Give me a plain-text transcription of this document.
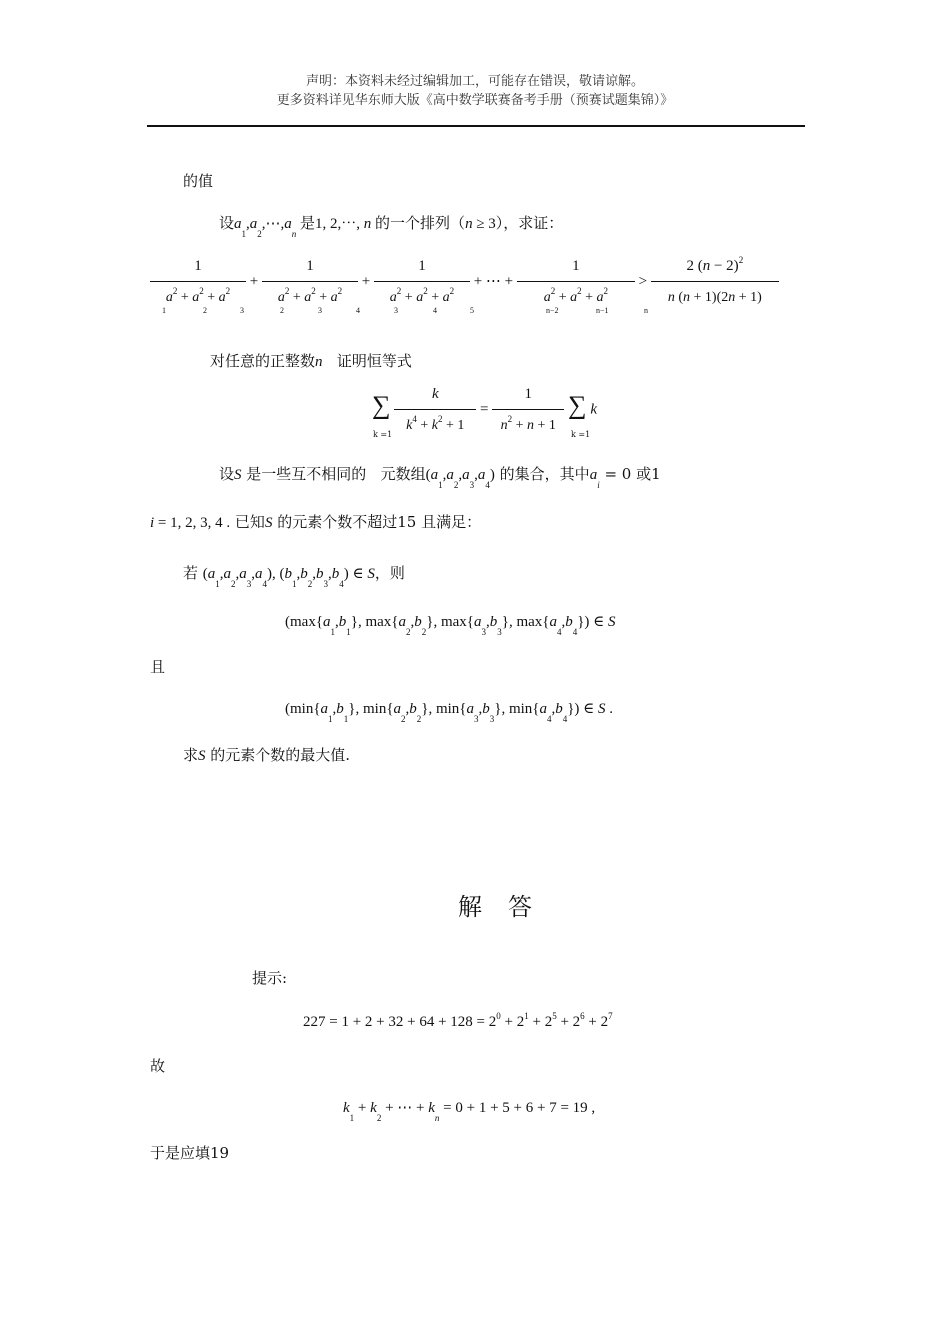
声明：本资料未经过编辑加工，可能存在错误，敬请谅解。
更多资料详见华东师大版《高中数学联赛备考手册（预赛试题集锦）》
的值
设$a_1,a_2,\cdots,a_n$ 是1, 2,⋯, n 的一个排列（n ≥ 3），求证：
$\frac{1}{a^2 + a^2 + a^2} + \frac{1}{a^2 + a^2 + a^2} + \frac{1}{a^2 + a^2 + a^2}$ + ⋯ + $\frac{1}{a^2 + a^2 + a^2} > \frac{2 (n - 2)^2}{n (n + 1)(2n + 1)}$
1	2	3	2	3	4	3	4	5	n−2	n−1	n
对任意的正整数n 证明恒等式
∑ $\frac{k}{k^4 + k^2 + 1} = \frac{1}{n^2 + n + 1}$ ∑ k
k =1	k =1
设S 是一些互不相同的 元数组$(a_1,a_2,a_3,a_4)$ 的集合，其中$a_i = 0$ 或1
i = 1, 2, 3, 4 . 已知S 的元素个数不超过15 且满足：
若 $(a_1,a_2,a_3,a_4)$, $(b_1,b_2,b_3,b_4)$ ∈ S，则
($\max\{a_1,b_1\}$, $\max\{a_2,b_2\}$, $\max\{a_3,b_3\}$, $\max\{a_4,b_4\}$) ∈ S
且
($\min\{a_1,b_1\}$, $\min\{a_2,b_2\}$, $\min\{a_3,b_3\}$, $\min\{a_4,b_4\}$) ∈ S .
求S 的元素个数的最大值.
解答
提示:
$227 = 1 + 2 + 32 + 64 + 128 = 2^0 + 2^1 + 2^5 + 2^6 + 2^7$
故
$k_1 + k_2$ + ⋯ + $k_n = 0 + 1 + 5 + 6 + 7 = 19$ ,
于是应填19
